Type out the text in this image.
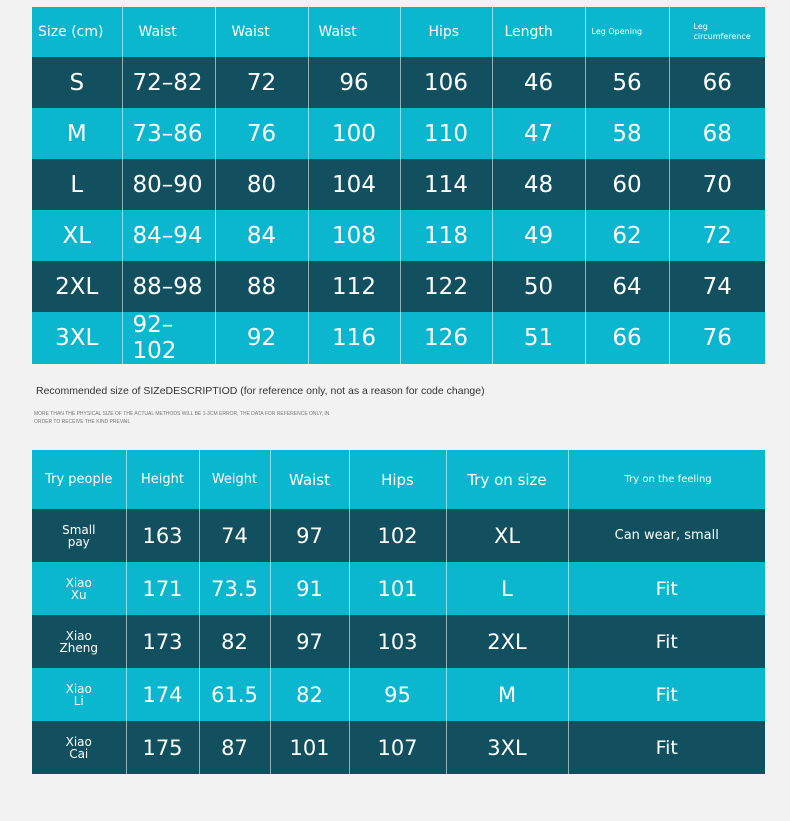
Size (cm)	Waist	Waist	Waist	Hips	Length	Leg Opening	Leg circumference
S	72–82	72	96	106	46	56	66
M	73–86	76	100	110	47	58	68
L	80–90	80	104	114	48	60	70
XL	84–94	84	108	118	49	62	72
2XL	88–98	88	112	122	50	64	74
3XL	92–102	92	116	126	51	66	76
Recommended size of SIZeDESCRIPTIOD (for reference only, not as a reason for code change)
MORE THAN THE PHYSICAL SIZE OF THE ACTUAL METHODS WILL BE 1-3CM ERROR, THE DATA FOR REFERENCE ONLY, IN ORDER TO RECEIVE THE KIND PREVAIL
Try people	Height	Weight	Waist	Hips	Try on size	Try on the feeling
Small pay	163	74	97	102	XL	Can wear, small
Xiao Xu	171	73.5	91	101	L	Fit
Xiao Zheng	173	82	97	103	2XL	Fit
Xiao Li	174	61.5	82	95	M	Fit
Xiao Cai	175	87	101	107	3XL	Fit
